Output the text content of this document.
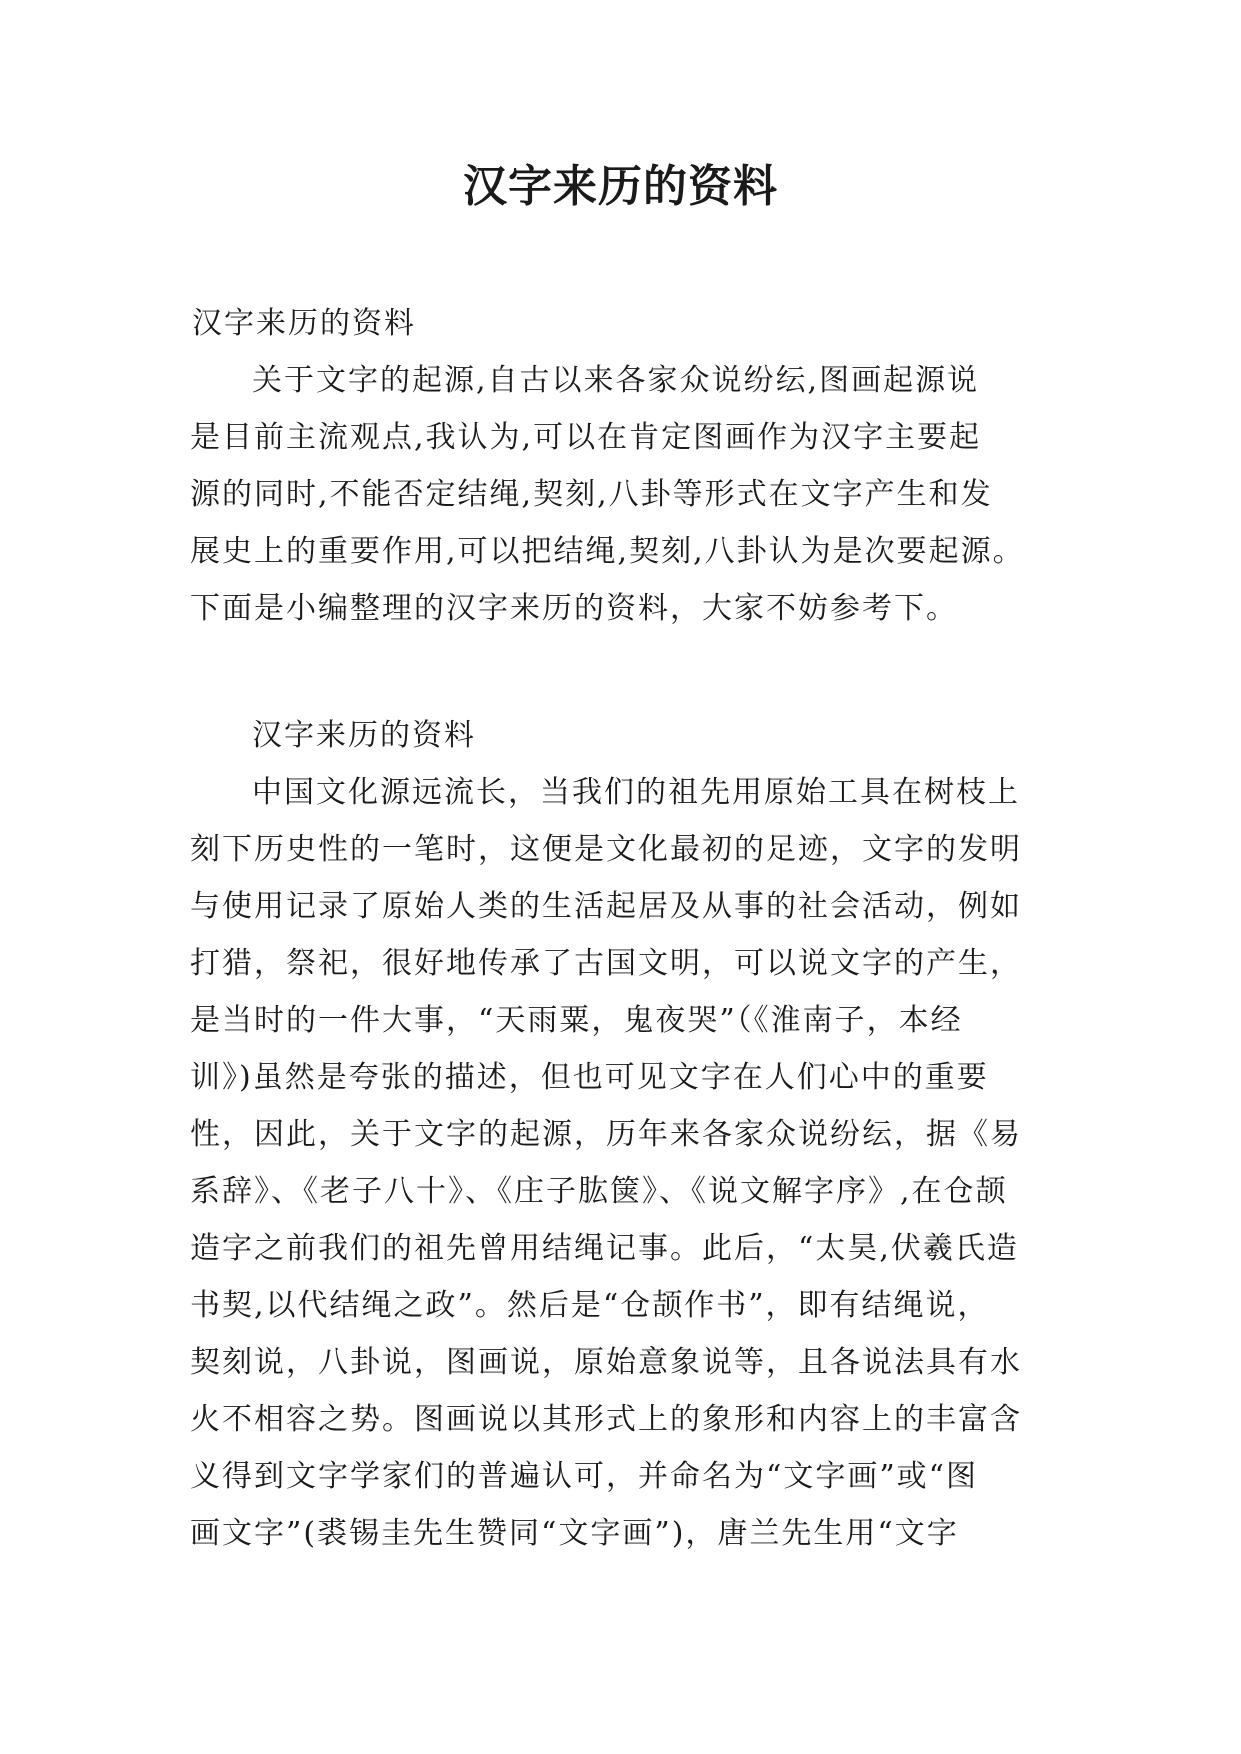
汉字来历的资料
汉字来历的资料
关于文字的起源,自古以来各家众说纷纭,图画起源说
是目前主流观点,我认为,可以在肯定图画作为汉字主要起
源的同时,不能否定结绳,契刻,八卦等形式在文字产生和发
展史上的重要作用,可以把结绳,契刻,八卦认为是次要起源。
下面是小编整理的汉字来历的资料，大家不妨参考下。
汉字来历的资料
中国文化源远流长，当我们的祖先用原始工具在树枝上
刻下历史性的一笔时，这便是文化最初的足迹，文字的发明
与使用记录了原始人类的生活起居及从事的社会活动，例如
打猎，祭祀，很好地传承了古国文明，可以说文字的产生，
是当时的一件大事，“天雨粟，鬼夜哭”（《淮南子，本经
训》)虽然是夸张的描述，但也可见文字在人们心中的重要
性，因此，关于文字的起源，历年来各家众说纷纭，据《易
系辞》、《老子八十》、《庄子肱箧》、《说文解字序》,在仓颉
造字之前我们的祖先曾用结绳记事。此后，“太昊,伏羲氏造
书契,以代结绳之政”。然后是“仓颉作书”，即有结绳说，
契刻说，八卦说，图画说，原始意象说等，且各说法具有水
火不相容之势。图画说以其形式上的象形和内容上的丰富含
义得到文字学家们的普遍认可，并命名为“文字画”或“图
画文字”(裘锡圭先生赞同“文字画”)，唐兰先生用“文字
